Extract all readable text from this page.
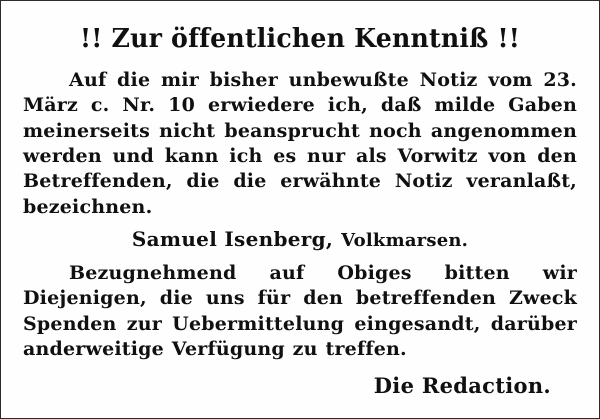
!! Zur öffentlichen Kenntniß !!

Auf die mir bisher unbewußte Notiz vom 23. März c. Nr. 10 erwiedere ich, daß milde Gaben meinerseits nicht beansprucht noch angenommen werden und kann ich es nur als Vorwitz von den Betreffenden, die die erwähnte Notiz veranlaßt, bezeichnen.

Samuel Isenberg, Volkmarsen.

Bezugnehmend auf Obiges bitten wir Diejenigen, die uns für den betreffenden Zweck Spenden zur Uebermittelung eingesandt, darüber anderweitige Verfügung zu treffen.

Die Redaction.
